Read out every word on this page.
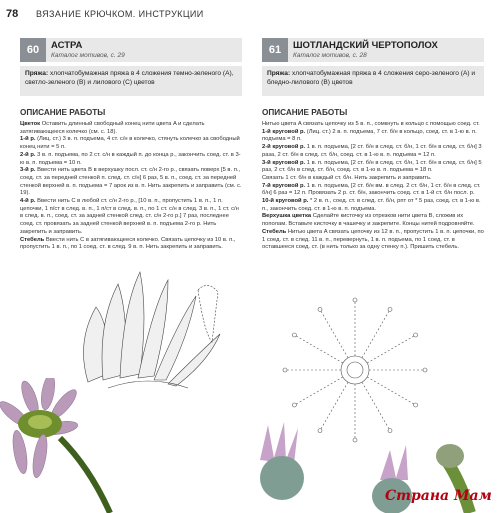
78 ВЯЗАНИЕ КРЮЧКОМ. ИНСТРУКЦИИ
60	АСТРА
Каталог мотивов, с. 29
Пряжа: хлопчатобумажная пряжа в 4 сложения темно-зеленого (A), светло-зеленого (B) и лилового (C) цветов
ОПИСАНИЕ РАБОТЫ

Цветок Оставить длинный свободный конец нити цвета A и сделать затягивающееся колечко (см. с. 18).

1-й р. (Лиц. ст.) 3 в. п. подъема, 4 ст. с/н в колечко, стянуть колечко за свободный конец нити = 5 п.

2-й р. 3 в. п. подъема, по 2 ст. с/н в каждый п. до конца р., закончить соед. ст. в 3-ю в. п. подъема = 10 п.

3-й р. Ввести нить цвета B в верхушку посл. ст. с/н 2-го р., связать поверх [5 в. п., соед. ст. за передней стенкой п. след. ст. с/н] 6 раз, 5 в. п., соед. ст. за передней стенкой верхней в. п. подъема = 7 арок из в. п. Нить закрепить и заправить (см. с. 19).

4-й р. Ввести нить C в любой ст. с/н 2-го р., [10 в. п., пропустить 1 в. п., 1 п. цепочки, 1 п/ст в след. в. п., 1 п/ст в след. в. п., по 1 ст. с/н в след. 3 в. п., 1 ст. с/н в след. в. п., соед. ст. за задней стенкой след. ст. с/н 2-го р.] 7 раз, последнее соед. ст. провязать за задней стенкой верхней в. п. подъема 2-го р. Нить закрепить и заправить.

Стебель Ввести нить C в затягивающееся колечко. Связать цепочку из 10 в. п., пропустить 1 в. п., по 1 соед. ст. в след. 9 в. п. Нить закрепить и заправить.

61	ШОТЛАНДСКИЙ ЧЕРТОПОЛОХ
Каталог мотивов, с. 28
Пряжа: хлопчатобумажная пряжа в 4 сложения серо-зеленого (A) и бледно-лилового (B) цветов
ОПИСАНИЕ РАБОТЫ

Нитью цвета A связать цепочку из 5 в. п., сомкнуть в кольцо с помощью соед. ст.

1-й круговой р. (Лиц. ст.) 2 в. п. подъема, 7 ст. б/н в кольцо, соед. ст. в 1-ю в. п. подъема = 8 п.

2-й круговой р. 1 в. п. подъема, [2 ст. б/н в след. ст. б/н, 1 ст. б/н в след. ст. б/н] 3 раза, 2 ст. б/н в след. ст. б/н, соед. ст. в 1-ю в. п. подъема = 12 п.

3-й круговой р. 1 в. п. подъема, [2 ст. б/н в след. ст. б/н, 1 ст. б/н в след. ст. б/н] 5 раз, 2 ст. б/н в след. ст. б/н, соед. ст. в 1-ю в. п. подъема = 18 п.

Связать 1 ст. б/н в каждый ст. б/н. Нить закрепить и заправить.

7-й круговой р. 1 в. п. подъема, [2 ст. б/н вм. в след. 2 ст. б/н, 1 ст. б/н в след. ст. б/н] 6 раз = 12 п. Провязать 2 р. ст. б/н, закончить соед. ст. в 1-й ст. б/н посл. р.

10-й круговой р. * 2 в. п., соед. ст. в след. ст. б/н, рпт от * 5 раз, соед. ст. в 1-ю в. п., закончить соед. ст. в 1-ю в. п. подъема.

Верхушка цветка Сделайте кисточку из отрезков нити цвета B, сложив их пополам. Вставьте кисточку в чашечку и закрепите. Концы нитей подровняйте.

Стебель Нитью цвета A связать цепочку из 12 в. п., пропустить 1 в. п. цепочки, по 1 соед. ст. в след. 11 в. п., перевернуть, 1 в. п. подъема, по 1 соед. ст. в оставшееся соед. ст. (в нить только за одну стенку п.). Пришить стебель.

Страна Мам
